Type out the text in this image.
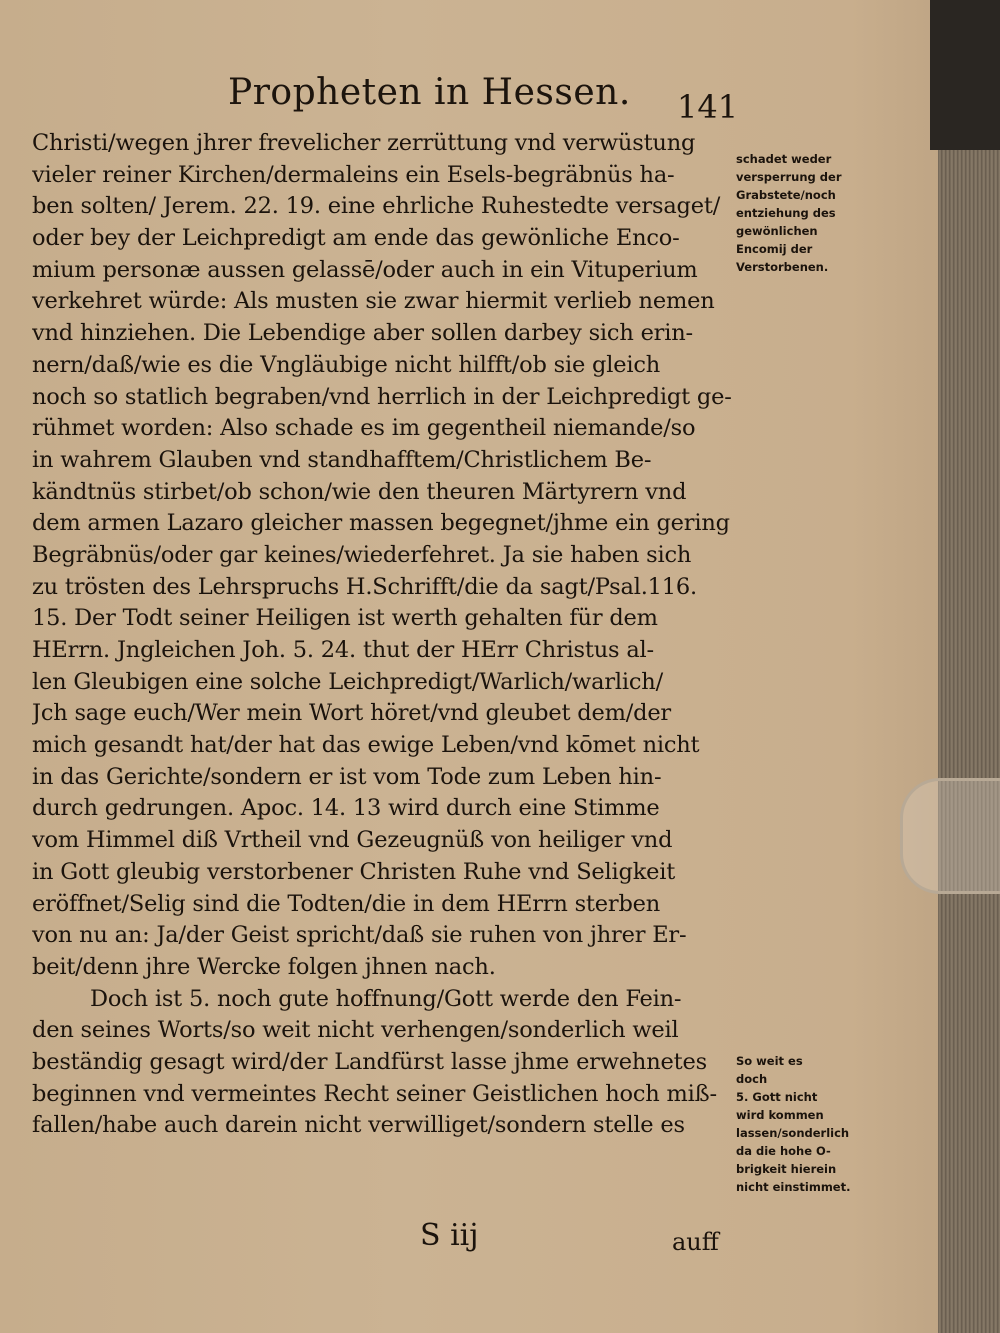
Propheten in Hessen. 141
Christi/wegen jhrer frevelicher zerrüttung vnd verwüstung
vieler reiner Kirchen/dermaleins ein Esels-begräbnüs ha-
ben solten/ Jerem. 22. 19. eine ehrliche Ruhestedte versaget/
oder bey der Leichpredigt am ende das gewönliche Enco-
mium personæ aussen gelassē/oder auch in ein Vituperium
verkehret würde: Als musten sie zwar hiermit verlieb nemen
vnd hinziehen. Die Lebendige aber sollen darbey sich erin-
nern/daß/wie es die Vngläubige nicht hilfft/ob sie gleich
noch so statlich begraben/vnd herrlich in der Leichpredigt ge-
rühmet worden: Also schade es im gegentheil niemande/so
in wahrem Glauben vnd standhafftem/Christlichem Be-
kändtnüs stirbet/ob schon/wie den theuren Märtyrern vnd
dem armen Lazaro gleicher massen begegnet/jhme ein gering
Begräbnüs/oder gar keines/wiederfehret. Ja sie haben sich
zu trösten des Lehrspruchs H.Schrifft/die da sagt/Psal.116.
15. Der Todt seiner Heiligen ist werth gehalten für dem
HErrn. Jngleichen Joh. 5. 24. thut der HErr Christus al-
len Gleubigen eine solche Leichpredigt/Warlich/warlich/
Jch sage euch/Wer mein Wort höret/vnd gleubet dem/der
mich gesandt hat/der hat das ewige Leben/vnd kōmet nicht
in das Gerichte/sondern er ist vom Tode zum Leben hin-
durch gedrungen. Apoc. 14. 13 wird durch eine Stimme
vom Himmel diß Vrtheil vnd Gezeugnüß von heiliger vnd
in Gott gleubig verstorbener Christen Ruhe vnd Seligkeit
eröffnet/Selig sind die Todten/die in dem HErrn sterben
von nu an: Ja/der Geist spricht/daß sie ruhen von jhrer Er-
beit/denn jhre Wercke folgen jhnen nach.
Doch ist 5. noch gute hoffnung/Gott werde den Fein-
den seines Worts/so weit nicht verhengen/sonderlich weil
beständig gesagt wird/der Landfürst lasse jhme erwehnetes
beginnen vnd vermeintes Recht seiner Geistlichen hoch miß-
fallen/habe auch darein nicht verwilliget/sondern stelle es
schadet weder
versperrung der
Grabstete/noch
entziehung des
gewönlichen
Encomij der
Verstorbenen.
So weit es
doch
5. Gott nicht
wird kommen
lassen/sonderlich
da die hohe O-
brigkeit hierein
nicht einstimmet.
S iij	auff
